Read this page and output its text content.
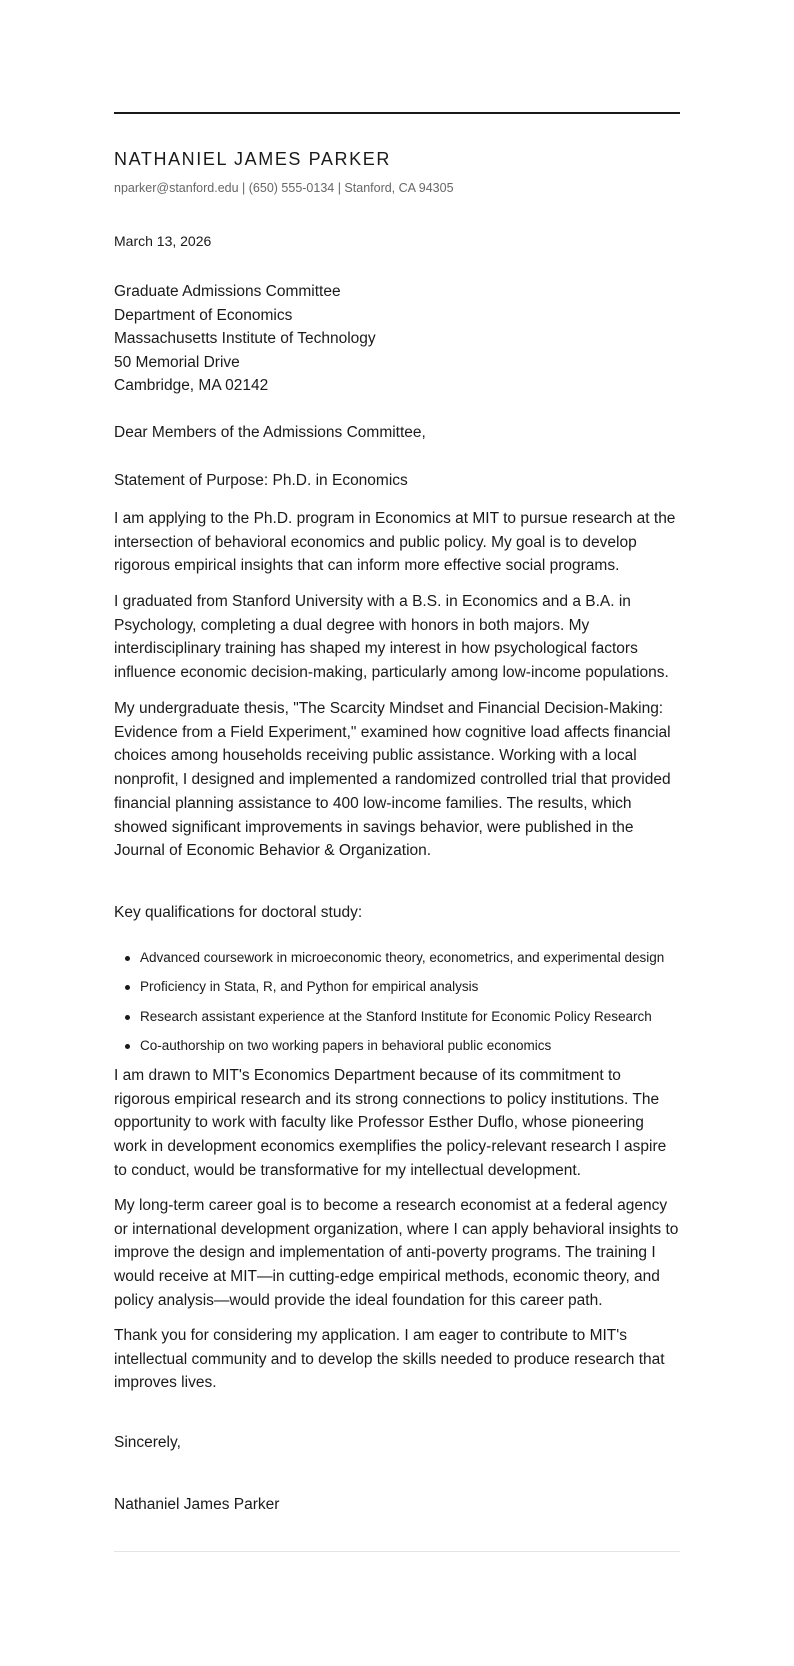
NATHANIEL JAMES PARKER
nparker@stanford.edu | (650) 555-0134 | Stanford, CA 94305
March 13, 2026
Graduate Admissions Committee
Department of Economics
Massachusetts Institute of Technology
50 Memorial Drive
Cambridge, MA 02142
Dear Members of the Admissions Committee,
Statement of Purpose: Ph.D. in Economics

I am applying to the Ph.D. program in Economics at MIT to pursue research at the intersection of behavioral economics and public policy. My goal is to develop rigorous empirical insights that can inform more effective social programs.

I graduated from Stanford University with a B.S. in Economics and a B.A. in Psychology, completing a dual degree with honors in both majors. My interdisciplinary training has shaped my interest in how psychological factors influence economic decision-making, particularly among low-income populations.

My undergraduate thesis, "The Scarcity Mindset and Financial Decision-Making: Evidence from a Field Experiment," examined how cognitive load affects financial choices among households receiving public assistance. Working with a local nonprofit, I designed and implemented a randomized controlled trial that provided financial planning assistance to 400 low-income families. The results, which showed significant improvements in savings behavior, were published in the Journal of Economic Behavior & Organization.

Key qualifications for doctoral study:
Advanced coursework in microeconomic theory, econometrics, and experimental design
Proficiency in Stata, R, and Python for empirical analysis
Research assistant experience at the Stanford Institute for Economic Policy Research
Co-authorship on two working papers in behavioral public economics

I am drawn to MIT's Economics Department because of its commitment to rigorous empirical research and its strong connections to policy institutions. The opportunity to work with faculty like Professor Esther Duflo, whose pioneering work in development economics exemplifies the policy-relevant research I aspire to conduct, would be transformative for my intellectual development.

My long-term career goal is to become a research economist at a federal agency or international development organization, where I can apply behavioral insights to improve the design and implementation of anti-poverty programs. The training I would receive at MIT—in cutting-edge empirical methods, economic theory, and policy analysis—would provide the ideal foundation for this career path.

Thank you for considering my application. I am eager to contribute to MIT's intellectual community and to develop the skills needed to produce research that improves lives.

Sincerely,
Nathaniel James Parker
